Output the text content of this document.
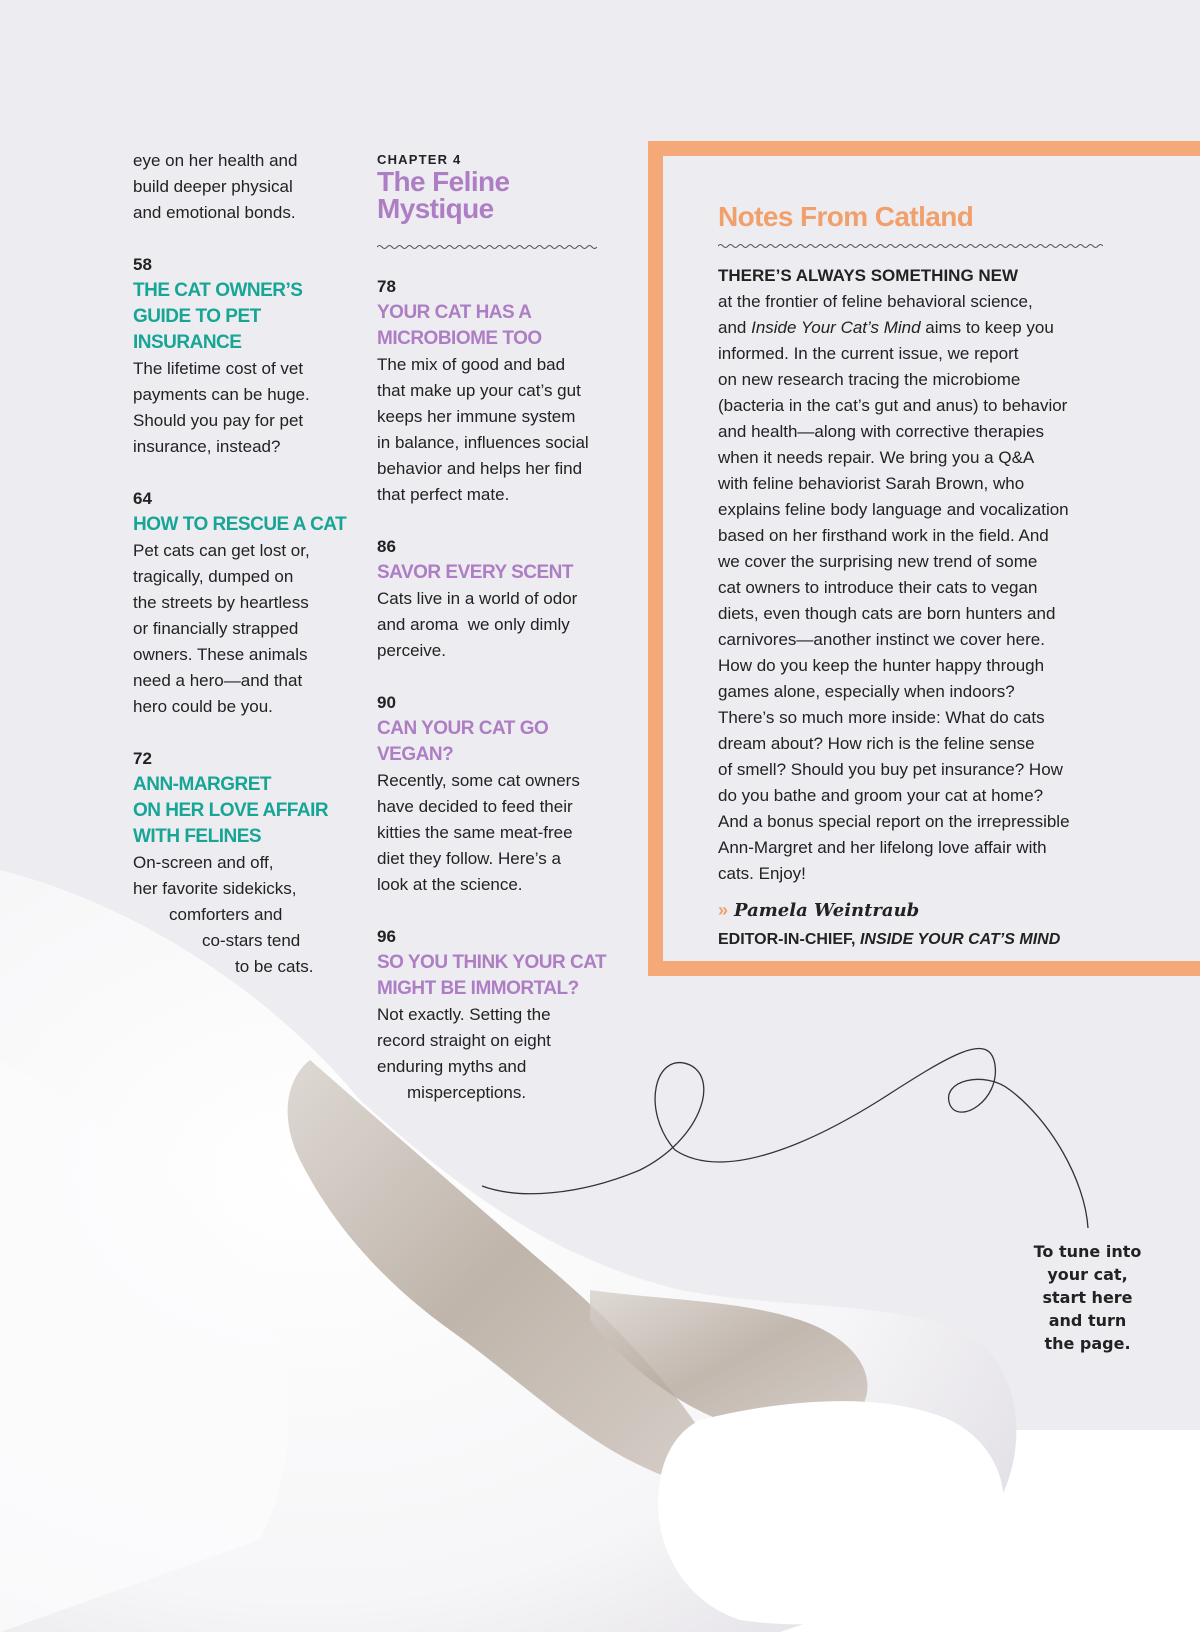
eye on her health and

build deeper physical

and emotional bonds.

58

THE CAT OWNER’S

GUIDE TO PET

INSURANCE

The lifetime cost of vet

payments can be huge.

Should you pay for pet

insurance, instead?

64

HOW TO RESCUE A CAT

Pet cats can get lost or,

tragically, dumped on

the streets by heartless

or financially strapped

owners. These animals

need a hero—and that

hero could be you.

72

ANN-MARGRET

ON HER LOVE AFFAIR

WITH FELINES

On-screen and off,

her favorite sidekicks,

comforters and

co-stars tend

to be cats.

CHAPTER 4

The Feline

Mystique

78

YOUR CAT HAS A

MICROBIOME TOO

The mix of good and bad

that make up your cat’s gut

keeps her immune system

in balance, influences social

behavior and helps her find

that perfect mate.

86

SAVOR EVERY SCENT

Cats live in a world of odor

and aroma  we only dimly

perceive.

90

CAN YOUR CAT GO

VEGAN?

Recently, some cat owners

have decided to feed their

kitties the same meat-free

diet they follow. Here’s a

look at the science.

96

SO YOU THINK YOUR CAT

MIGHT BE IMMORTAL?

Not exactly. Setting the

record straight on eight

enduring myths and

misperceptions.

Notes From Catland

THERE’S ALWAYS SOMETHING NEW

at the frontier of feline behavioral science,

and Inside Your Cat’s Mind aims to keep you

informed. In the current issue, we report

on new research tracing the microbiome

(bacteria in the cat’s gut and anus) to behavior

and health—along with corrective therapies

when it needs repair. We bring you a Q&A

with feline behaviorist Sarah Brown, who

explains feline body language and vocalization

based on her firsthand work in the field. And

we cover the surprising new trend of some

cat owners to introduce their cats to vegan

diets, even though cats are born hunters and

carnivores—another instinct we cover here.

How do you keep the hunter happy through

games alone, especially when indoors?

There’s so much more inside: What do cats

dream about? How rich is the feline sense

of smell? Should you buy pet insurance? How

do you bathe and groom your cat at home?

And a bonus special report on the irrepressible

Ann-Margret and her lifelong love affair with

cats. Enjoy!

» Pamela Weintraub

EDITOR-IN-CHIEF, INSIDE YOUR CAT’S MIND

To tune into
your cat,
start here
and turn
the page.
